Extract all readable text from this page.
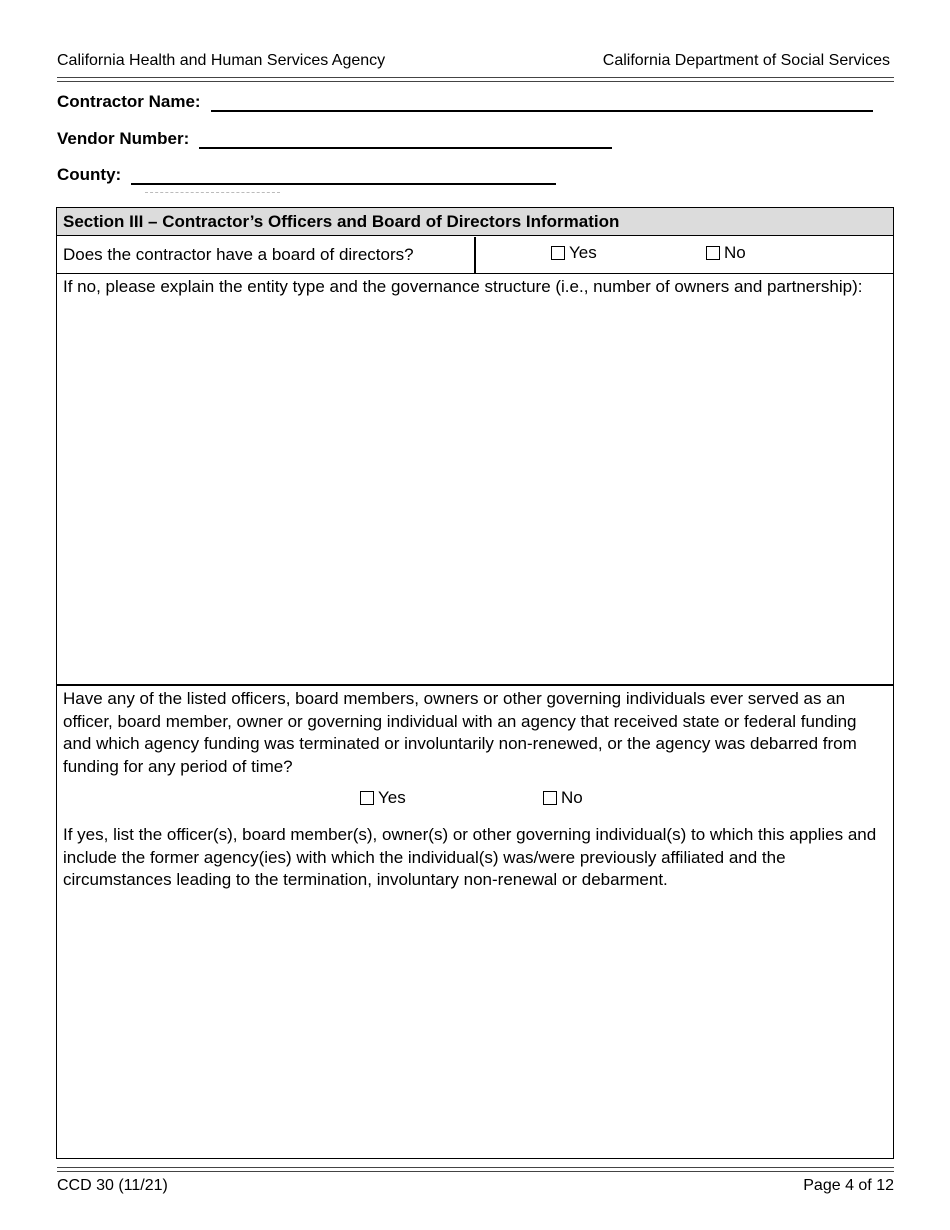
California Health and Human Services Agency	California Department of Social Services
Contractor Name:
Vendor Number:
County:
Section III – Contractor’s Officers and Board of Directors Information
Does the contractor have a board of directors?	Yes	No
If no, please explain the entity type and the governance structure (i.e., number of owners and partnership):
Have any of the listed officers, board members, owners or other governing individuals ever served as an officer, board member, owner or governing individual with an agency that received state or federal funding and which agency funding was terminated or involuntarily non-renewed, or the agency was debarred from funding for any period of time?
Yes	No
If yes, list the officer(s), board member(s), owner(s) or other governing individual(s) to which this applies and include the former agency(ies) with which the individual(s) was/were previously affiliated and the circumstances leading to the termination, involuntary non-renewal or debarment.
CCD 30 (11/21)	Page 4 of 12
